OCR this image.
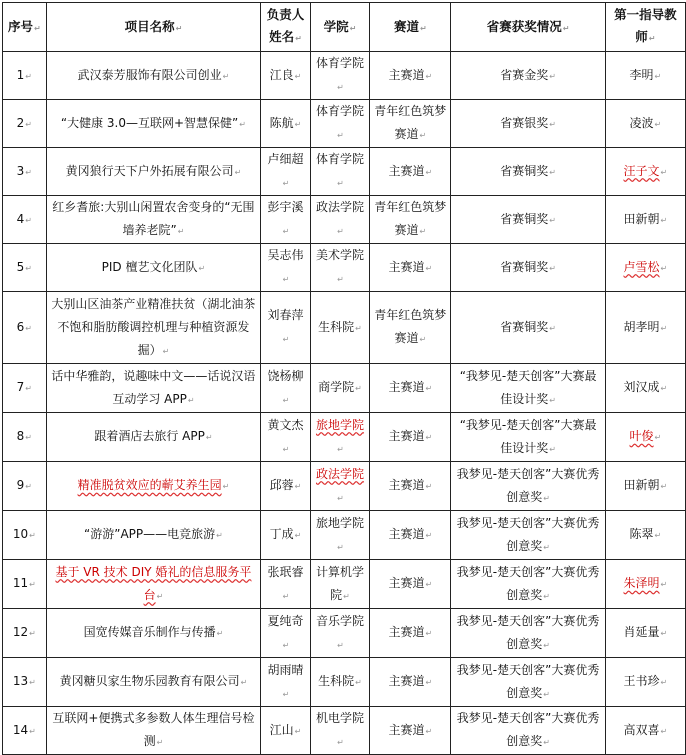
序号↵	项目名称↵	负责人姓名↵	学院↵	赛道↵	省赛获奖情况↵	第一指导教师↵
1↵	武汉泰芳服饰有限公司创业↵	江良↵	体育学院↵	主赛道↵	省赛金奖↵	李明↵
2↵	“大健康 3.0—互联网+智慧保健”↵	陈航↵	体育学院↵	青年红色筑梦赛道↵	省赛银奖↵	凌波↵
3↵	黄冈狼行天下户外拓展有限公司↵	卢细超↵	体育学院↵	主赛道↵	省赛铜奖↵	汪子文↵
4↵	红乡耆旅:大别山闲置农舍变身的“无围墙养老院”↵	彭宇溪↵	政法学院↵	青年红色筑梦赛道↵	省赛铜奖↵	田新朝↵
5↵	PID 檀艺文化团队↵	吴志伟↵	美术学院↵	主赛道↵	省赛铜奖↵	卢雪松↵
6↵	大别山区油茶产业精准扶贫（湖北油茶不饱和脂肪酸调控机理与种植资源发掘）↵	刘春萍↵	生科院↵	青年红色筑梦赛道↵	省赛铜奖↵	胡孝明↵
7↵	话中华雅韵，说趣味中文——话说汉语互动学习 APP↵	饶杨柳↵	商学院↵	主赛道↵	“我梦见-楚天创客”大赛最佳设计奖↵	刘汉成↵
8↵	跟着酒店去旅行 APP↵	黄文杰↵	旅地学院↵	主赛道↵	“我梦见-楚天创客”大赛最佳设计奖↵	叶俊↵
9↵	精准脱贫效应的蕲艾养生园↵	邱蓉↵	政法学院↵	主赛道↵	我梦见-楚天创客”大赛优秀创意奖↵	田新朝↵
10↵	“游游”APP——电竞旅游↵	丁成↵	旅地学院↵	主赛道↵	我梦见-楚天创客”大赛优秀创意奖↵	陈翠↵
11↵	基于 VR 技术 DIY 婚礼的信息服务平台↵	张珉睿↵	计算机学院↵	主赛道↵	我梦见-楚天创客”大赛优秀创意奖↵	朱泽明↵
12↵	国宽传媒音乐制作与传播↵	夏纯奇↵	音乐学院↵	主赛道↵	我梦见-楚天创客”大赛优秀创意奖↵	肖延量↵
13↵	黄冈糖贝家生物乐园教育有限公司↵	胡雨晴↵	生科院↵	主赛道↵	我梦见-楚天创客”大赛优秀创意奖↵	王书珍↵
14↵	互联网+便携式多参数人体生理信号检测↵	江山↵	机电学院↵	主赛道↵	我梦见-楚天创客”大赛优秀创意奖↵	高双喜↵
